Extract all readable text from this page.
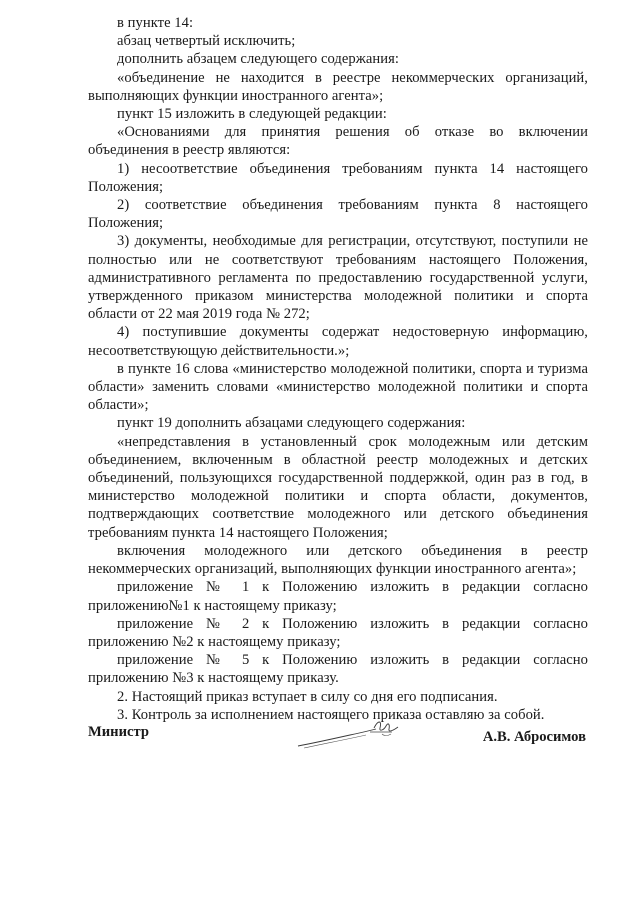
в пункте 14:

абзац четвертый исключить;

дополнить абзацем следующего содержания:

«объединение не находится в реестре некоммерческих организаций, выполняющих функции иностранного агента»;

пункт 15 изложить в следующей редакции:

«Основаниями для принятия решения об отказе во включении объединения в реестр являются:

1) несоответствие объединения требованиям пункта 14 настоящего Положения;

2) соответствие объединения требованиям пункта 8 настоящего Положения;

3) документы, необходимые для регистрации, отсутствуют, поступили не полностью или не соответствуют требованиям настоящего Положения, административного регламента по предоставлению государственной услуги, утвержденного приказом министерства молодежной политики и спорта области от 22 мая 2019 года № 272;

4) поступившие документы содержат недостоверную информацию, несоответствующую действительности.»;

в пункте 16 слова «министерство молодежной политики, спорта и туризма области» заменить словами «министерство молодежной политики и спорта области»;

пункт 19 дополнить абзацами следующего содержания:

«непредставления в установленный срок молодежным или детским объединением, включенным в областной реестр молодежных и детских объединений, пользующихся государственной поддержкой, один раз в год, в министерство молодежной политики и спорта области, документов, подтверждающих соответствие молодежного или детского объединения требованиям пункта 14 настоящего Положения;

включения молодежного или детского объединения в реестр некоммерческих организаций, выполняющих функции иностранного агента»;

приложение № 1 к Положению изложить в редакции согласно приложению№1 к настоящему приказу;

приложение № 2 к Положению изложить в редакции согласно приложению №2 к настоящему приказу;

приложение № 5 к Положению изложить в редакции согласно приложению №3 к настоящему приказу.

2. Настоящий приказ вступает в силу со дня его подписания.

3. Контроль за исполнением настоящего приказа оставляю за собой.

Министр	А.В. Абросимов
